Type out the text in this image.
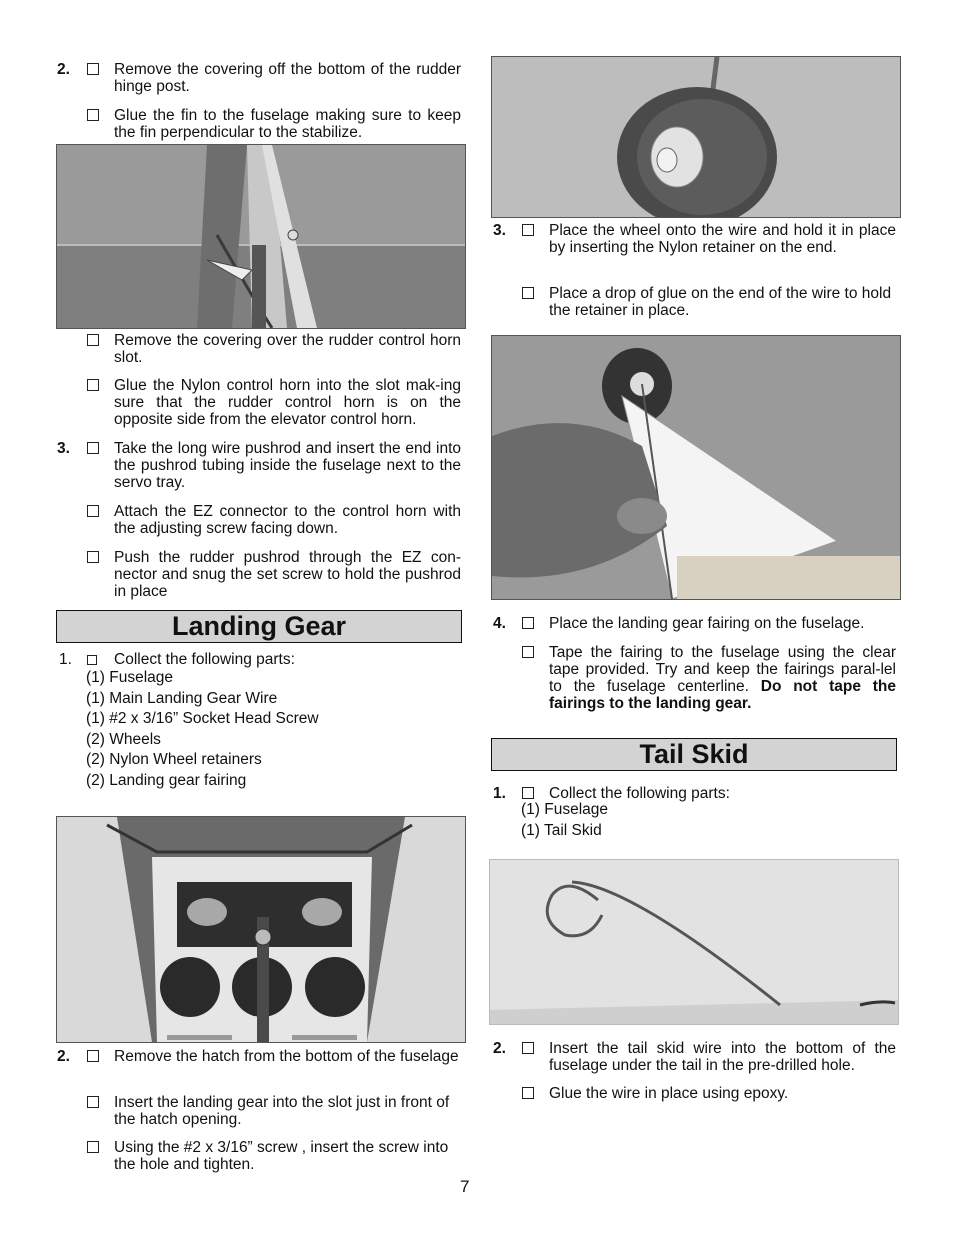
2.	Remove the covering off the bottom of the rudder hinge post.
Glue the fin to the fuselage making sure to keep the fin perpendicular to the stabilize.
Remove the covering over the rudder control horn slot.
Glue the Nylon control horn into the slot mak-ing sure that the rudder control horn is on the opposite side from the elevator control horn.
3.	Take the long wire pushrod and insert the end into the pushrod tubing inside the fuselage next to the servo tray.
Attach the EZ connector to the control horn with the adjusting screw facing down.
Push the rudder pushrod through the EZ con-nector and snug the set screw to hold the pushrod in place
Landing Gear
1.	Collect the following parts:
(1) Fuselage
(1) Main Landing Gear Wire
(1) #2 x 3/16” Socket Head Screw
(2) Wheels
(2) Nylon Wheel retainers
(2) Landing gear fairing
2.	Remove the hatch from the bottom of the fuselage
Insert the landing gear into the slot just in front of the hatch opening.
Using the #2 x 3/16” screw , insert the screw into the hole and tighten.
3.	Place the wheel onto the wire and hold it in place by inserting the Nylon retainer on the end.
Place a drop of glue on the end of the wire to hold the retainer in place.
4.	Place the landing gear fairing on the fuselage.
Tape the fairing to the fuselage using the clear tape provided. Try and keep the fairings paral-lel to the fuselage centerline. Do not tape the fairings to the landing gear.
Tail Skid
1.	Collect the following parts:
(1) Fuselage
(1) Tail Skid
2.	Insert the tail skid wire into the bottom of the fuselage under the tail in the pre-drilled hole.
Glue the wire in place using epoxy.
7
